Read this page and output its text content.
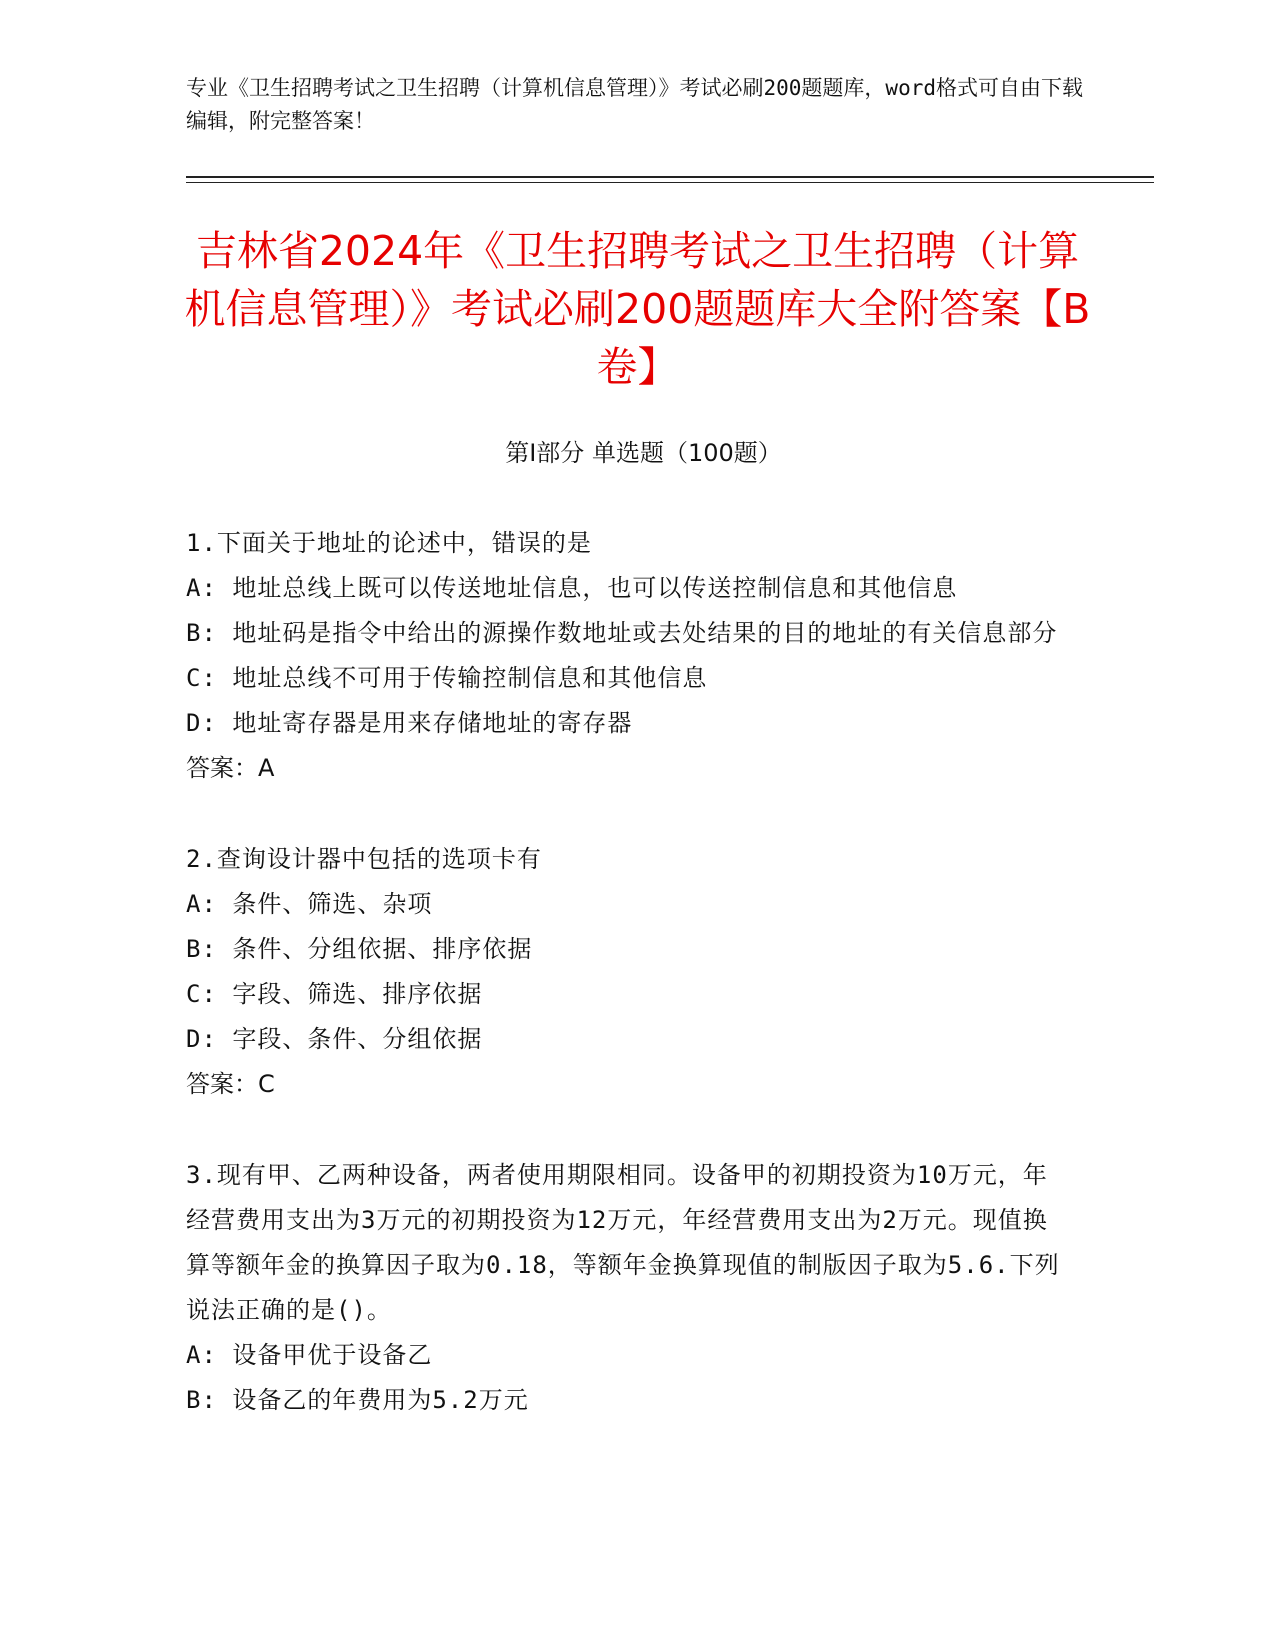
专业《卫生招聘考试之卫生招聘（计算机信息管理）》考试必刷200题题库，word格式可自由下载编辑，附完整答案！
吉林省2024年《卫生招聘考试之卫生招聘（计算机信息管理）》考试必刷200题题库大全附答案【B卷】
第Ⅰ部分 单选题（100题）
1.下面关于地址的论述中，错误的是
A: 地址总线上既可以传送地址信息，也可以传送控制信息和其他信息
B: 地址码是指令中给出的源操作数地址或去处结果的目的地址的有关信息部分
C: 地址总线不可用于传输控制信息和其他信息
D: 地址寄存器是用来存储地址的寄存器
答案：A
2.查询设计器中包括的选项卡有
A: 条件、筛选、杂项
B: 条件、分组依据、排序依据
C: 字段、筛选、排序依据
D: 字段、条件、分组依据
答案：C
3.现有甲、乙两种设备，两者使用期限相同。设备甲的初期投资为10万元，年经营费用支出为3万元的初期投资为12万元，年经营费用支出为2万元。现值换算等额年金的换算因子取为0.18，等额年金换算现值的制版因子取为5.6.下列说法正确的是()。
A: 设备甲优于设备乙
B: 设备乙的年费用为5.2万元
